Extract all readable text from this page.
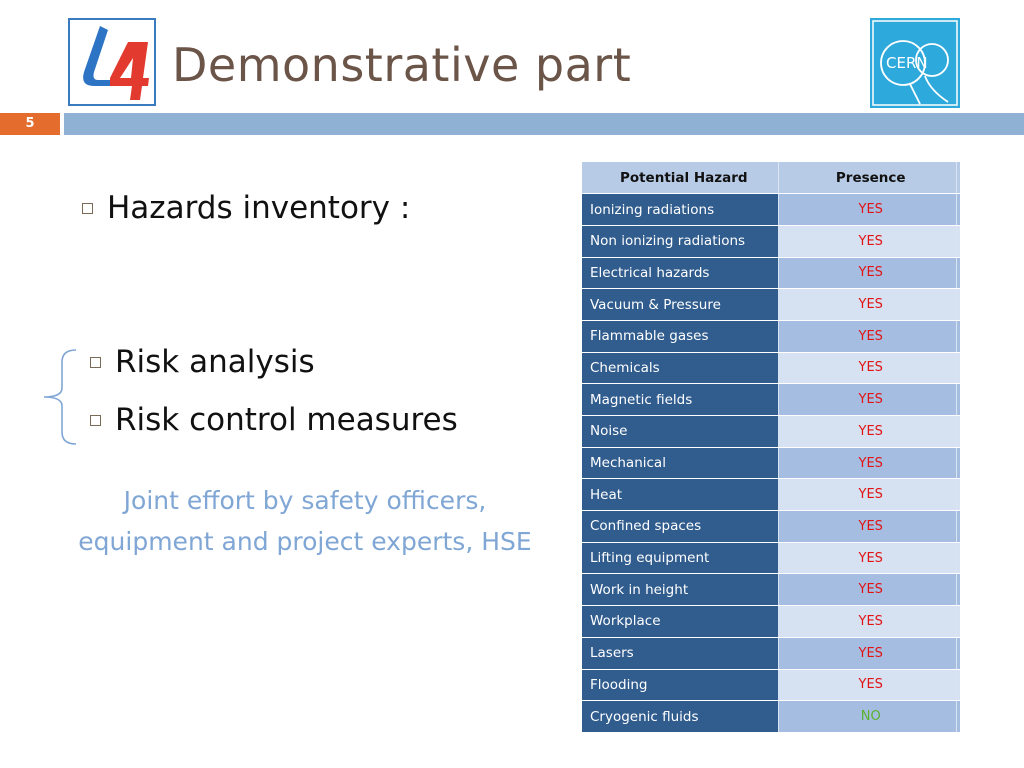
Demonstrative part	CERN
5
Hazards inventory :
Risk analysis
Risk control measures
Joint effort by safety officers,
equipment and project experts, HSE
	Potential Hazard		Presence	
	Ionizing radiations		YES	
	Non ionizing radiations		YES	
	Electrical hazards		YES	
	Vacuum & Pressure		YES	
	Flammable gases		YES	
	Chemicals		YES	
	Magnetic fields		YES	
	Noise		YES	
	Mechanical		YES	
	Heat		YES	
	Confined spaces		YES	
	Lifting equipment		YES	
	Work in height		YES	
	Workplace		YES	
	Lasers		YES	
	Flooding		YES	
	Cryogenic fluids		NO	
